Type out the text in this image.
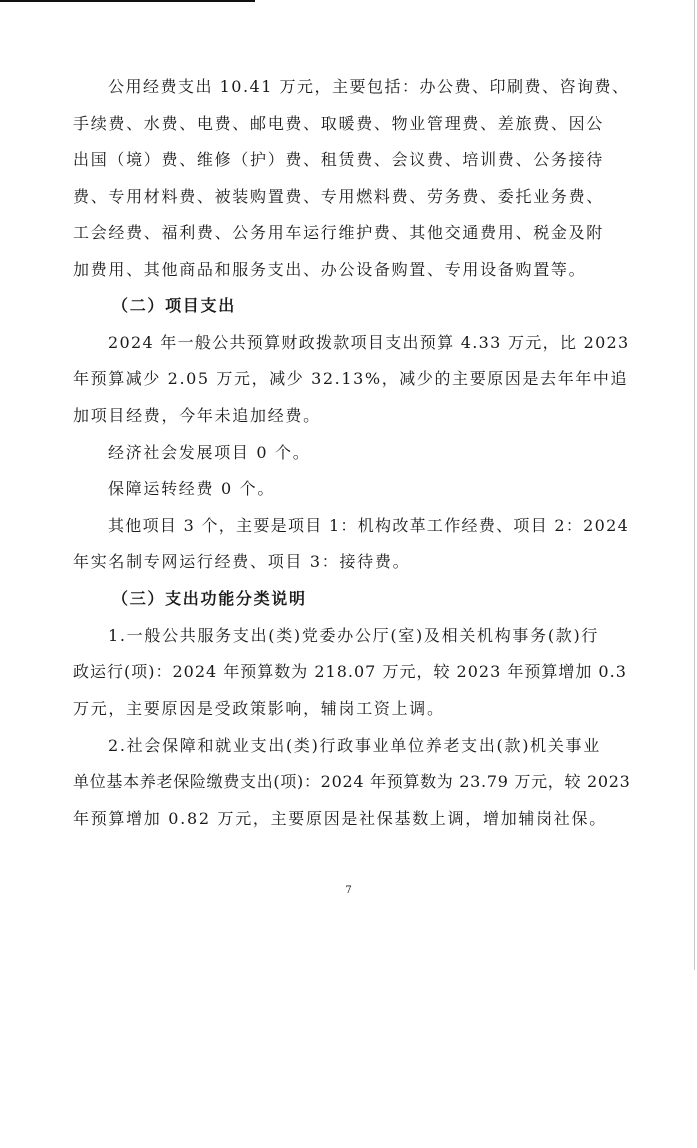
公用经费支出 10.41 万元，主要包括：办公费、印刷费、咨询费、
手续费、水费、电费、邮电费、取暖费、物业管理费、差旅费、因公
出国（境）费、维修（护）费、租赁费、会议费、培训费、公务接待
费、专用材料费、被装购置费、专用燃料费、劳务费、委托业务费、
工会经费、福利费、公务用车运行维护费、其他交通费用、税金及附
加费用、其他商品和服务支出、办公设备购置、专用设备购置等。
（二）项目支出
2024 年一般公共预算财政拨款项目支出预算 4.33 万元，比 2023
年预算减少 2.05 万元，减少 32.13%，减少的主要原因是去年年中追
加项目经费，今年未追加经费。
经济社会发展项目 0 个。
保障运转经费 0 个。
其他项目 3 个，主要是项目 1：机构改革工作经费、项目 2：2024
年实名制专网运行经费、项目 3：接待费。
（三）支出功能分类说明
1.一般公共服务支出(类)党委办公厅(室)及相关机构事务(款)行
政运行(项)：2024 年预算数为 218.07 万元，较 2023 年预算增加 0.3
万元，主要原因是受政策影响，辅岗工资上调。
2.社会保障和就业支出(类)行政事业单位养老支出(款)机关事业
单位基本养老保险缴费支出(项)：2024 年预算数为 23.79 万元，较 2023
年预算增加 0.82 万元，主要原因是社保基数上调，增加辅岗社保。
7
